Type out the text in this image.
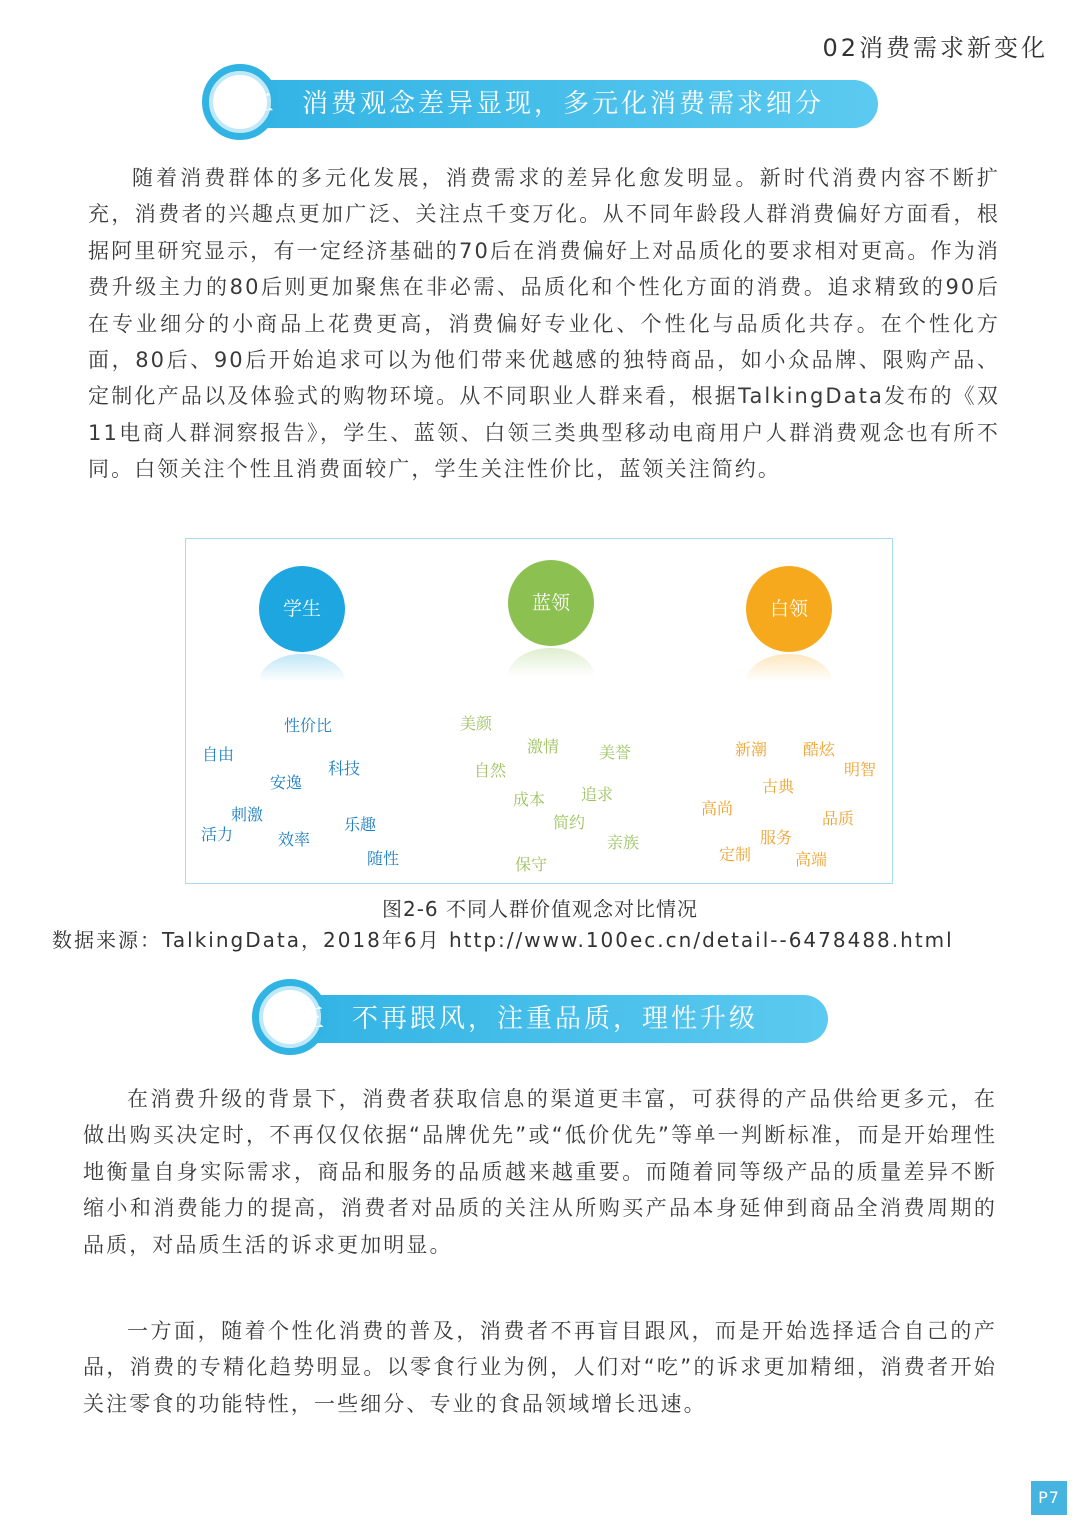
02消费需求新变化
二	消费观念差异显现，多元化消费需求细分

随着消费群体的多元化发展，消费需求的差异化愈发明显。新时代消费内容不断扩充，消费者的兴趣点更加广泛、关注点千变万化。从不同年龄段人群消费偏好方面看，根据阿里研究显示，有一定经济基础的70后在消费偏好上对品质化的要求相对更高。作为消费升级主力的80后则更加聚焦在非必需、品质化和个性化方面的消费。追求精致的90后在专业细分的小商品上花费更高，消费偏好专业化、个性化与品质化共存。在个性化方面，80后、90后开始追求可以为他们带来优越感的独特商品，如小众品牌、限购产品、定制化产品以及体验式的购物环境。从不同职业人群来看，根据TalkingData发布的《双11电商人群洞察报告》，学生、蓝领、白领三类典型移动电商用户人群消费观念也有所不同。白领关注个性且消费面较广，学生关注性价比，蓝领关注简约。

学生	蓝领	白领
性价比
自由
科技
安逸
刺激
乐趣
活力	效率
随性
美颜
激情 美誉
自然
追求
成本
简约
亲族
保守
新潮 酷炫
明智
古典
高尚
品质
服务
定制	高端
图2-6 不同人群价值观念对比情况
数据来源：TalkingData，2018年6月 http://www.100ec.cn/detail--6478488.html
三	不再跟风，注重品质，理性升级

在消费升级的背景下，消费者获取信息的渠道更丰富，可获得的产品供给更多元，在做出购买决定时，不再仅仅依据“品牌优先”或“低价优先”等单一判断标准，而是开始理性地衡量自身实际需求，商品和服务的品质越来越重要。而随着同等级产品的质量差异不断缩小和消费能力的提高，消费者对品质的关注从所购买产品本身延伸到商品全消费周期的品质，对品质生活的诉求更加明显。

一方面，随着个性化消费的普及，消费者不再盲目跟风，而是开始选择适合自己的产品，消费的专精化趋势明显。以零食行业为例，人们对“吃”的诉求更加精细，消费者开始关注零食的功能特性，一些细分、专业的食品领域增长迅速。

P7
